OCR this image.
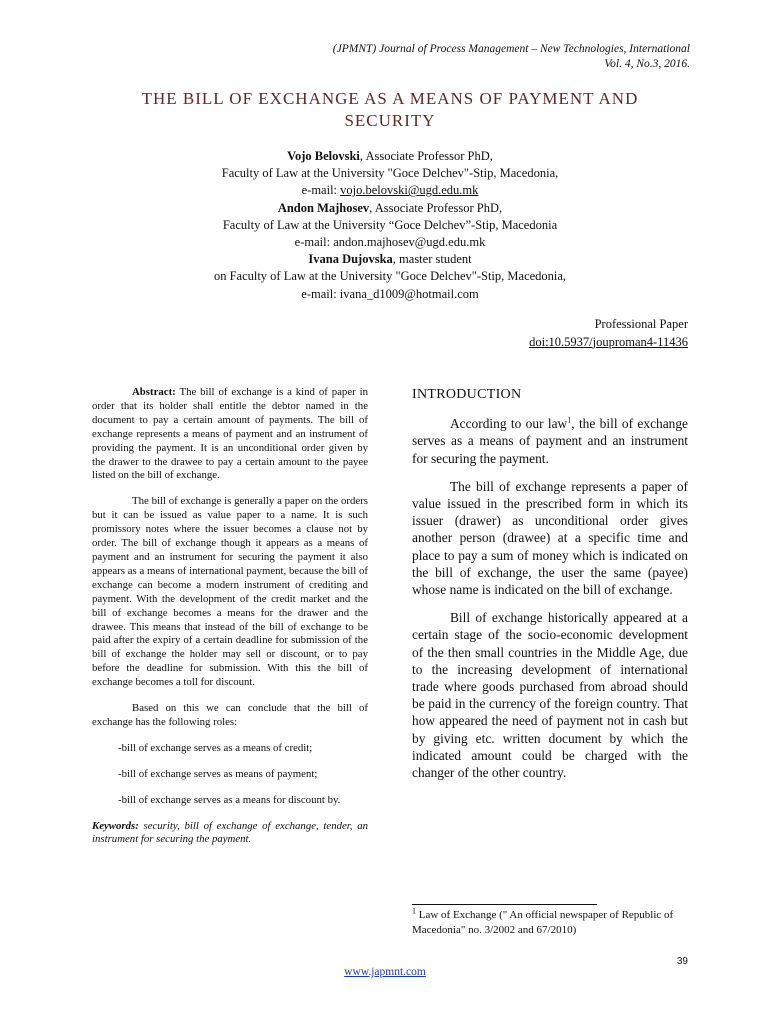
(JPMNT) Journal of Process Management – New Technologies, International
Vol. 4, No.3, 2016.
THE BILL OF EXCHANGE AS A MEANS OF PAYMENT AND
SECURITY
Vojo Belovski, Associate Professor PhD,
Faculty of Law at the University "Goce Delchev"-Stip, Macedonia,
e-mail: vojo.belovski@ugd.edu.mk
Andon Majhosev, Associate Professor PhD,
Faculty of Law at the University “Goce Delchev”-Stip, Macedonia
e-mail: andon.majhosev@ugd.edu.mk
Ivana Dujovska, master student
on Faculty of Law at the University "Goce Delchev"-Stip, Macedonia,
e-mail: ivana_d1009@hotmail.com
Professional Paper
doi:10.5937/jouproman4-11436

Abstract: The bill of exchange is a kind of paper in order that its holder shall entitle the debtor named in the document to pay a certain amount of payments. The bill of exchange represents a means of payment and an instrument of providing the payment. It is an unconditional order given by the drawer to the drawee to pay a certain amount to the payee listed on the bill of exchange.

The bill of exchange is generally a paper on the orders but it can be issued as value paper to a name. It is such promissory notes where the issuer becomes a clause not by order. The bill of exchange though it appears as a means of payment and an instrument for securing the payment it also appears as a means of international payment, because the bill of exchange can become a modern instrument of crediting and payment. With the development of the credit market and the bill of exchange becomes a means for the drawer and the drawee. This means that instead of the bill of exchange to be paid after the expiry of a certain deadline for submission of the bill of exchange the holder may sell or discount, or to pay before the deadline for submission. With this the bill of exchange becomes a toll for discount.

Based on this we can conclude that the bill of exchange has the following roles:

-bill of exchange serves as a means of credit;

-bill of exchange serves as means of payment;

-bill of exchange serves as a means for discount by.

Keywords: security, bill of exchange of exchange, tender, an instrument for securing the payment.

INTRODUCTION

According to our law$^1$, the bill of exchange serves as a means of payment and an instrument for securing the payment.

The bill of exchange represents a paper of value issued in the prescribed form in which its issuer (drawer) as unconditional order gives another person (drawee) at a specific time and place to pay a sum of money which is indicated on the bill of exchange, the user the same (payee) whose name is indicated on the bill of exchange.

Bill of exchange historically appeared at a certain stage of the socio-economic development of the then small countries in the Middle Age, due to the increasing development of international trade where goods purchased from abroad should be paid in the currency of the foreign country. That how appeared the need of payment not in cash but by giving etc. written document by which the indicated amount could be charged with the changer of the other country.

$^1$ Law of Exchange (" An official newspaper of Republic of Macedonia" no. 3/2002 and 67/2010)
39
www.japmnt.com
